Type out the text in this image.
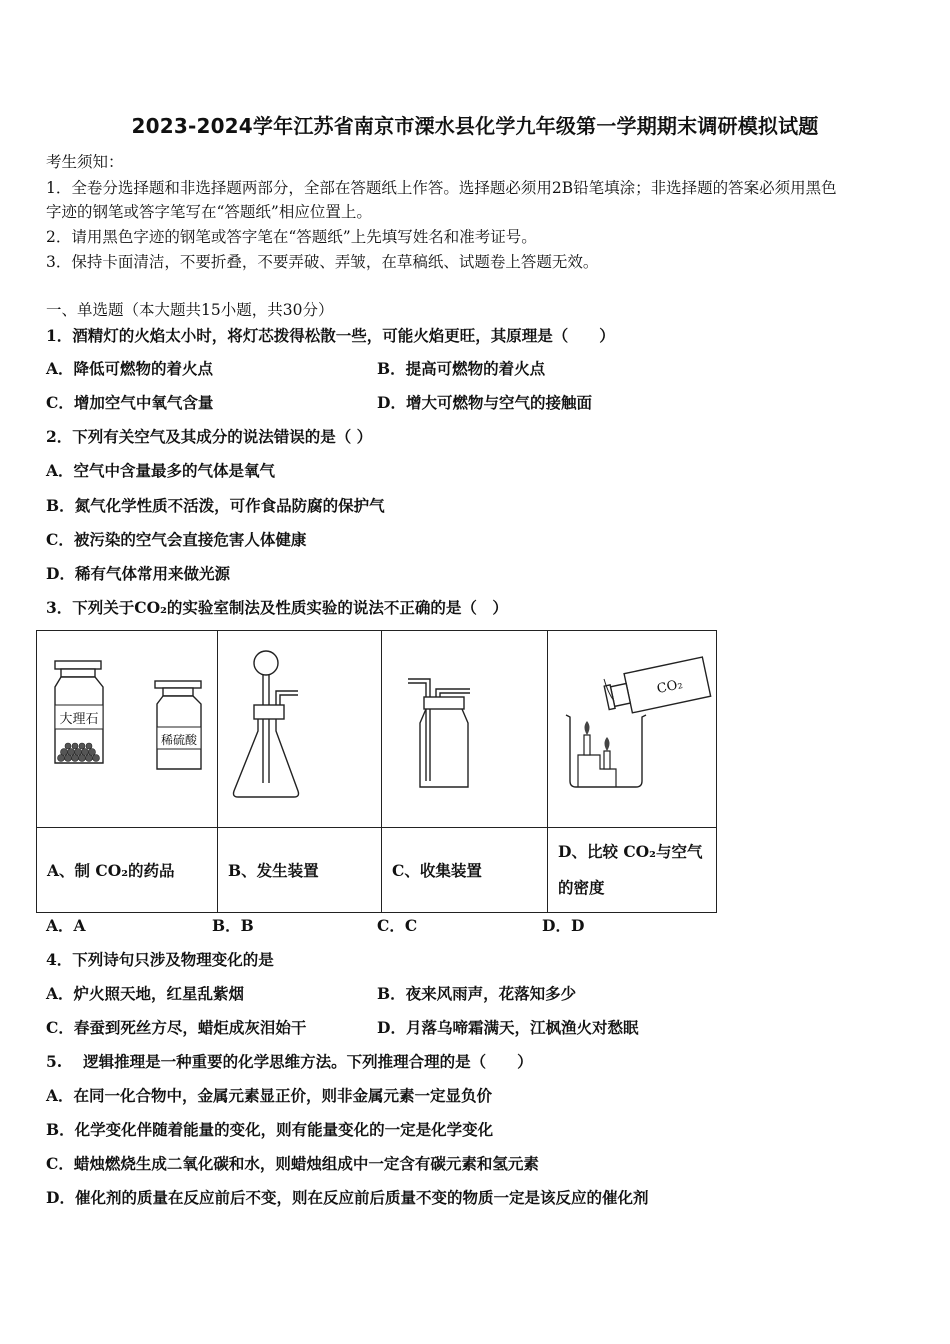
2023-2024学年江苏省南京市溧水县化学九年级第一学期期末调研模拟试题
考生须知：
1．全卷分选择题和非选择题两部分，全部在答题纸上作答。选择题必须用2B铅笔填涂；非选择题的答案必须用黑色
字迹的钢笔或答字笔写在“答题纸”相应位置上。
2．请用黑色字迹的钢笔或答字笔在“答题纸”上先填写姓名和准考证号。
3．保持卡面清洁，不要折叠，不要弄破、弄皱，在草稿纸、试题卷上答题无效。
一、单选题（本大题共15小题，共30分）
1．酒精灯的火焰太小时，将灯芯拨得松散一些，可能火焰更旺，其原理是（　　）
A．降低可燃物的着火点	B．提高可燃物的着火点
C．增加空气中氧气含量	D．增大可燃物与空气的接触面
2．下列有关空气及其成分的说法错误的是（ ）
A．空气中含量最多的气体是氧气
B．氮气化学性质不活泼，可作食品防腐的保护气
C．被污染的空气会直接危害人体健康
D．稀有气体常用来做光源
3．下列关于CO₂的实验室制法及性质实验的说法不正确的是（　）
大理石
稀硫酸			CO₂

A、制 CO₂的药品	B、发生装置	C、收集装置	D、比较 CO₂与空气
的密度
A．A	B．B	C．C	D．D
4．下列诗句只涉及物理变化的是
A．炉火照天地，红星乱紫烟	B．夜来风雨声，花落知多少
C．春蚕到死丝方尽，蜡炬成灰泪始干	D．月落乌啼霜满天，江枫渔火对愁眠
5.　 逻辑推理是一种重要的化学思维方法。下列推理合理的是（　　）
A．在同一化合物中，金属元素显正价，则非金属元素一定显负价
B．化学变化伴随着能量的变化，则有能量变化的一定是化学变化
C．蜡烛燃烧生成二氧化碳和水，则蜡烛组成中一定含有碳元素和氢元素
D．催化剂的质量在反应前后不变，则在反应前后质量不变的物质一定是该反应的催化剂
